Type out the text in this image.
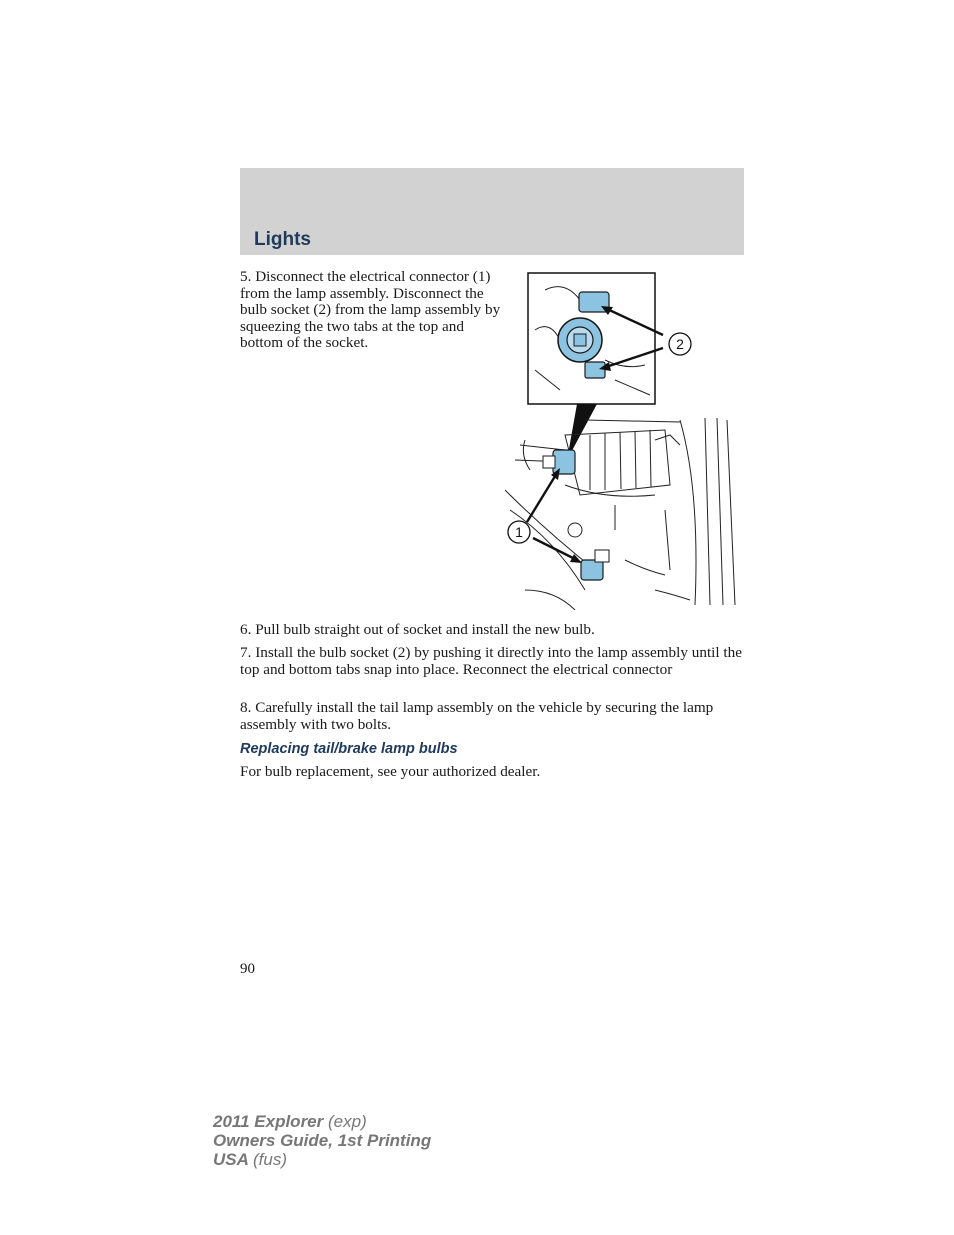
Lights
5. Disconnect the electrical connector (1) from the lamp assembly. Disconnect the bulb socket (2) from the lamp assembly by squeezing the two tabs at the top and bottom of the socket.	2
1
6. Pull bulb straight out of socket and install the new bulb.
7. Install the bulb socket (2) by pushing it directly into the lamp assembly until the top and bottom tabs snap into place. Reconnect the electrical connector
8. Carefully install the tail lamp assembly on the vehicle by securing the lamp assembly with two bolts.
Replacing tail/brake lamp bulbs
For bulb replacement, see your authorized dealer.
90
2011 Explorer (exp)
Owners Guide, 1st Printing
USA (fus)
